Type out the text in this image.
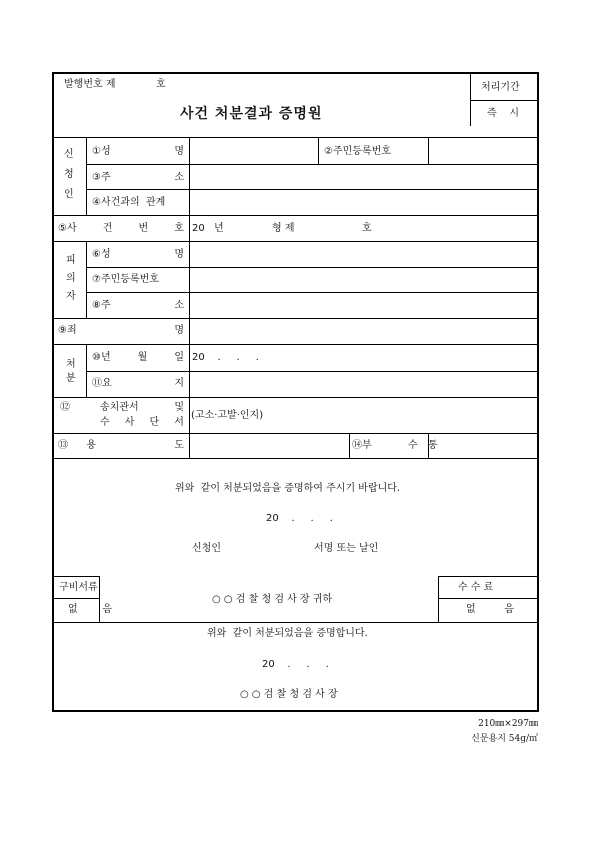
발행번호 제	호
사건 처분결과 증명원
처리기간
즉    시
신
청
인
①성	명	②주민등록번호
③주	소
④사건과의  관계
⑤사	건	번	호 20 년	형 제	호
피
의
자
⑥성	명
⑦주민등록번호
⑧주	소
⑨죄	명
처
분
⑩년	월	일 20    .     .     .
⑪요	지
⑫	송치관서	및
수 사 단 서
(고소·고발·인지)
⑬ 용	도	⑭부	수 통
위와  같이 처분되었음을 증명하여 주시기 바랍니다.
20    .     .     .
신청인	서명 또는 날인
구비서류
없 음
○ ○ 검 찰 청 검 사 장 귀하
수 수 료
없	음
위와  같이 처분되었음을 증명합니다.
20    .     .     .
○ ○ 검 찰 청 검 사 장
210㎜×297㎜
신문용지 54g/㎡
